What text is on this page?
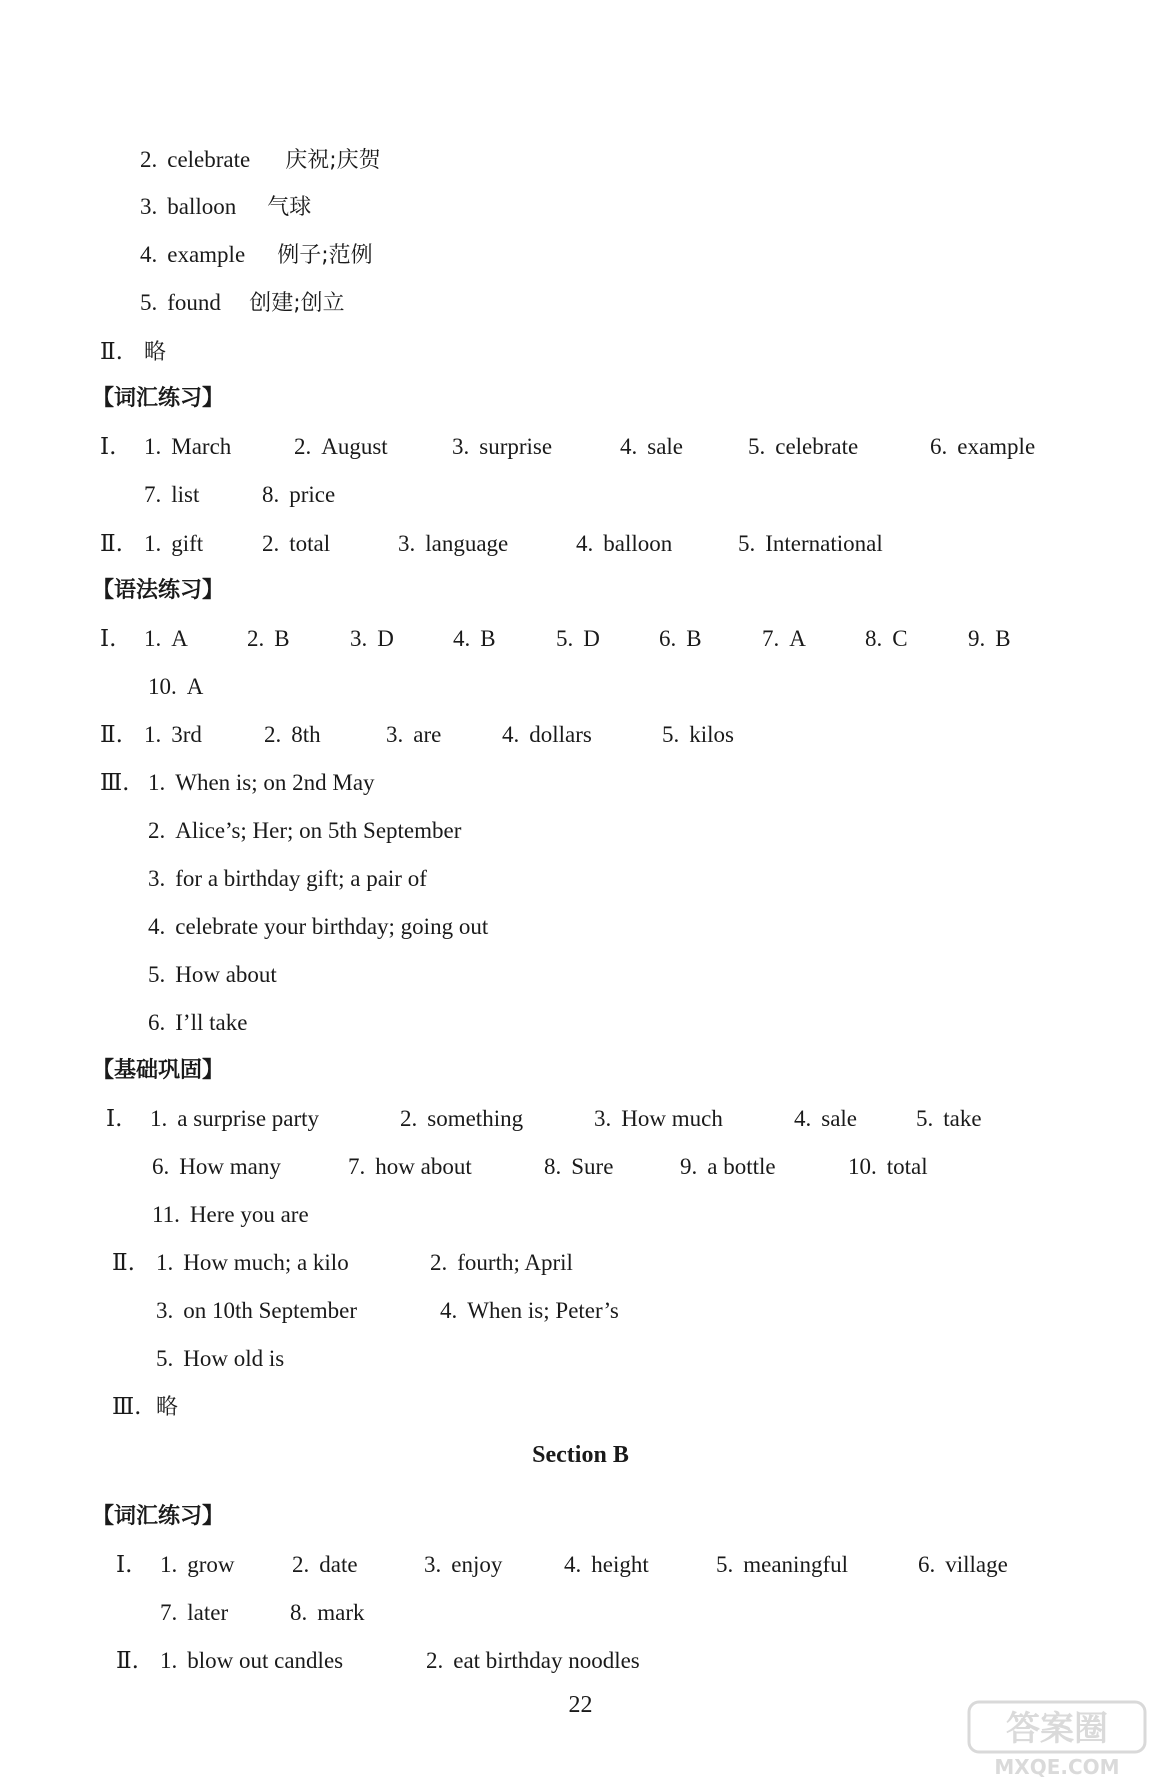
2. celebrate 庆祝;庆贺
3. balloon 气球
4. example 例子;范例
5. found 创建;创立
Ⅱ. 略
【词汇练习】
Ⅰ. 1. March	2. August	3. surprise	4. sale	5. celebrate	6. example
7. list	8. price
Ⅱ. 1. gift	2. total	3. language	4. balloon	5. International
【语法练习】
Ⅰ. 1. A	2. B	3. D	4. B	5. D	6. B	7. A	8. C	9. B
10. A
Ⅱ. 1. 3rd	2. 8th	3. are	4. dollars	5. kilos
Ⅲ. 1. When is; on 2nd May
2. Alice’s; Her; on 5th September
3. for a birthday gift; a pair of
4. celebrate your birthday; going out
5. How about
6. I’ll take
【基础巩固】
Ⅰ. 1. a surprise party	2. something	3. How much	4. sale	5. take
6. How many	7. how about	8. Sure	9. a bottle	10. total
11. Here you are
Ⅱ. 1. How much; a kilo	2. fourth; April
3. on 10th September	4. When is; Peter’s
5. How old is
Ⅲ. 略
Section B
【词汇练习】
Ⅰ. 1. grow 2. date	3. enjoy	4. height	5. meaningful	6. village
7. later	8. mark
Ⅱ. 1. blow out candles	2. eat birthday noodles
22
答案圈
MXQE.COM
